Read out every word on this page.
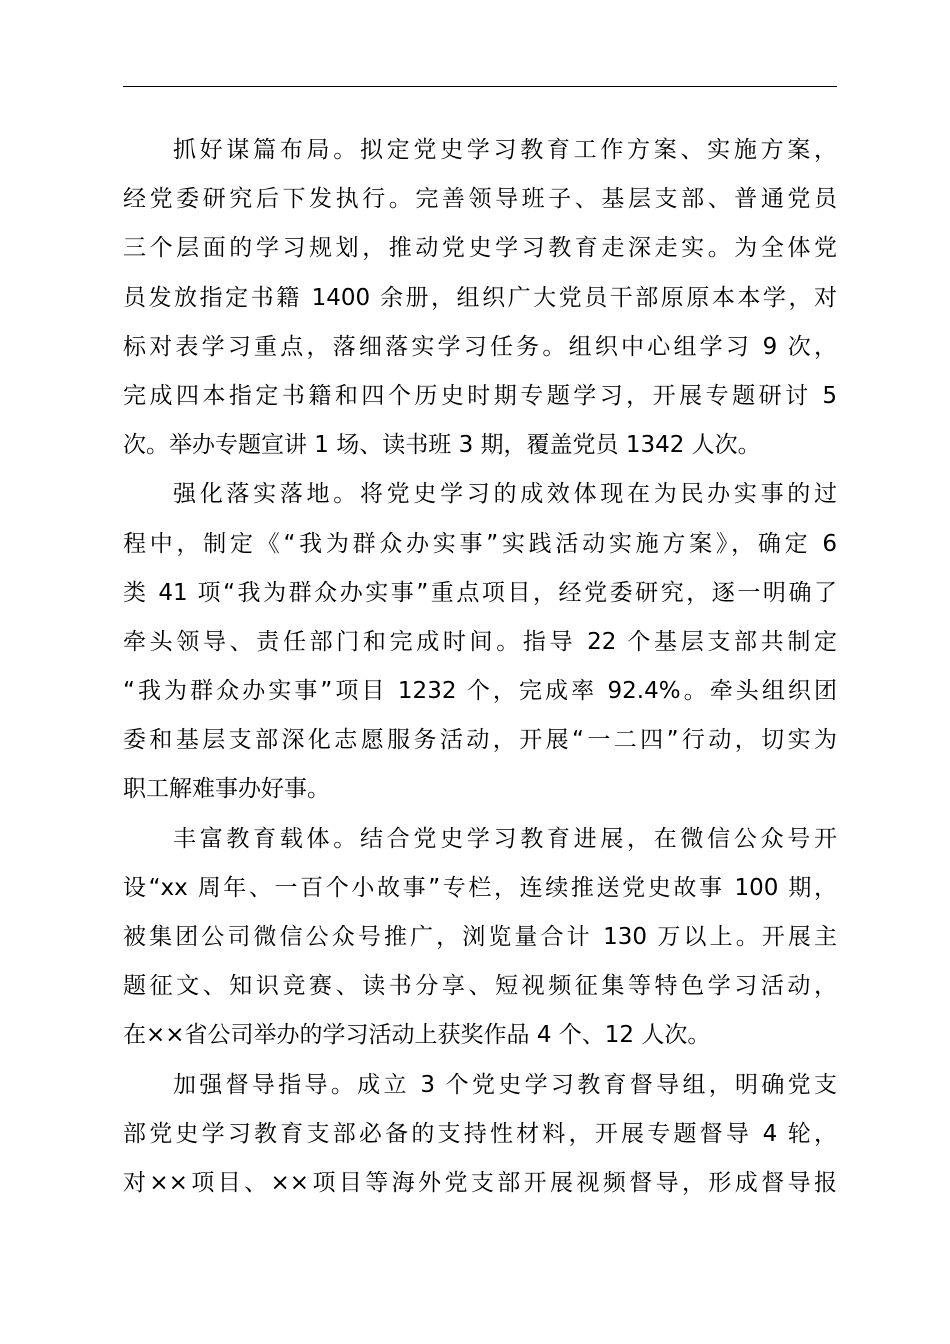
抓好谋篇布局。拟定党史学习教育工作方案、实施方案，
经党委研究后下发执行。完善领导班子、基层支部、普通党员
三个层面的学习规划，推动党史学习教育走深走实。为全体党
员发放指定书籍 1400 余册，组织广大党员干部原原本本学，对
标对表学习重点，落细落实学习任务。组织中心组学习 9 次，
完成四本指定书籍和四个历史时期专题学习，开展专题研讨 5
次。举办专题宣讲 1 场、读书班 3 期，覆盖党员 1342 人次。
强化落实落地。将党史学习的成效体现在为民办实事的过
程中，制定《“我为群众办实事”实践活动实施方案》，确定 6
类 41 项“我为群众办实事”重点项目，经党委研究，逐一明确了
牵头领导、责任部门和完成时间。指导 22 个基层支部共制定
“我为群众办实事”项目 1232 个，完成率 92.4%。牵头组织团
委和基层支部深化志愿服务活动，开展“一二四”行动，切实为
职工解难事办好事。
丰富教育载体。结合党史学习教育进展，在微信公众号开
设“xx 周年、一百个小故事”专栏，连续推送党史故事 100 期，
被集团公司微信公众号推广，浏览量合计 130 万以上。开展主
题征文、知识竞赛、读书分享、短视频征集等特色学习活动，
在××省公司举办的学习活动上获奖作品 4 个、12 人次。
加强督导指导。成立 3 个党史学习教育督导组，明确党支
部党史学习教育支部必备的支持性材料，开展专题督导 4 轮，
对××项目、××项目等海外党支部开展视频督导，形成督导报
